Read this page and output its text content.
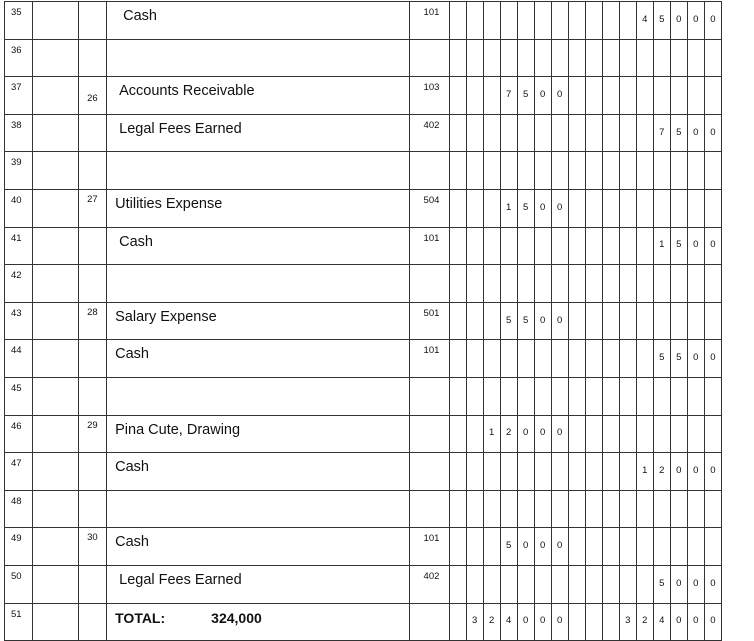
35			Cash	101												4	5	0	0	0
36																				
37		26	Accounts Receivable	103				7	5	0	0									
38			Legal Fees Earned	402													7	5	0	0
39																				
40		27	Utilities Expense	504				1	5	0	0									
41			Cash	101													1	5	0	0
42																				
43		28	Salary Expense	501				5	5	0	0									
44			Cash	101													5	5	0	0
45																				
46		29	Pina Cute, Drawing				1	2	0	0	0									
47			Cash													1	2	0	0	0
48																				
49		30	Cash	101				5	0	0	0									
50			Legal Fees Earned	402													5	0	0	0
51			TOTAL: 324,000			3	2	4	0	0	0				3	2	4	0	0	0
